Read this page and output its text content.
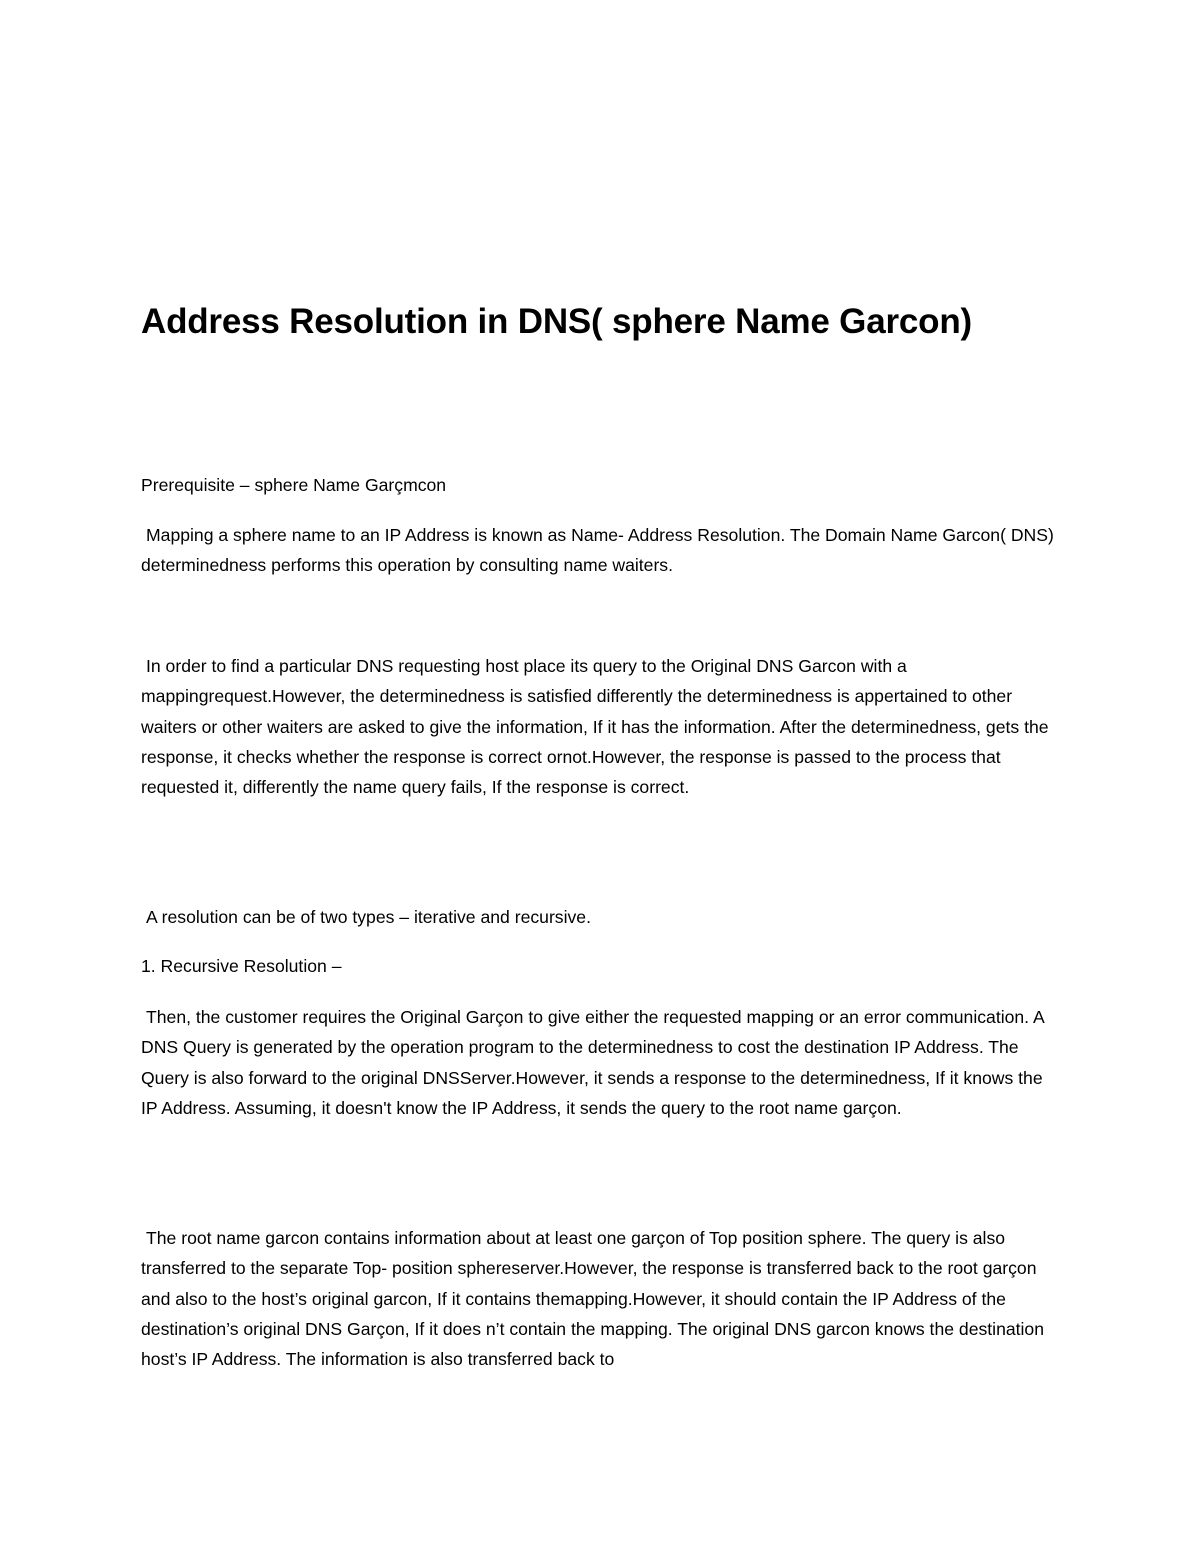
Address Resolution in DNS( sphere Name Garcon)

Prerequisite – sphere Name Garçmcon

Mapping a sphere name to an IP Address is known as Name- Address Resolution. The Domain Name Garcon( DNS) determinedness performs this operation by consulting name waiters.

In order to find a particular DNS requesting host place its query to the Original DNS Garcon with a mappingrequest.However, the determinedness is satisfied differently the determinedness is appertained to other waiters or other waiters are asked to give the information, If it has the information. After the determinedness, gets the response, it checks whether the response is correct ornot.However, the response is passed to the process that requested it, differently the name query fails, If the response is correct.

A resolution can be of two types – iterative and recursive.

1. Recursive Resolution –

Then, the customer requires the Original Garçon to give either the requested mapping or an error communication. A DNS Query is generated by the operation program to the determinedness to cost the destination IP Address. The Query is also forward to the original DNSServer.However, it sends a response to the determinedness, If it knows the IP Address. Assuming, it doesn't know the IP Address, it sends the query to the root name garçon.

The root name garcon contains information about at least one garçon of Top position sphere. The query is also transferred to the separate Top- position sphereserver.However, the response is transferred back to the root garçon and also to the host’s original garcon, If it contains themapping.However, it should contain the IP Address of the destination’s original DNS Garçon, If it does n’t contain the mapping. The original DNS garcon knows the destination host’s IP Address. The information is also transferred back to
